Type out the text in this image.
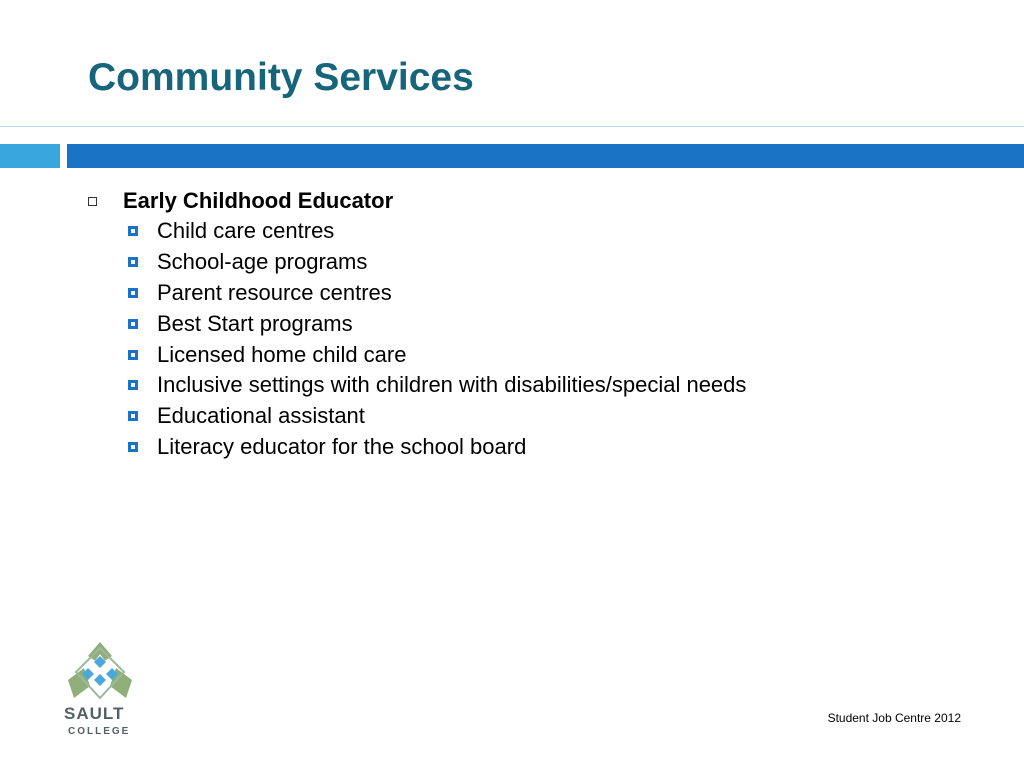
Community Services
Early Childhood Educator
Child care centres
School-age programs
Parent resource centres
Best Start programs
Licensed home child care
Inclusive settings with children with disabilities/special needs
Educational assistant
Literacy educator for the school board
SAULT
COLLEGE
Student Job Centre 2012
